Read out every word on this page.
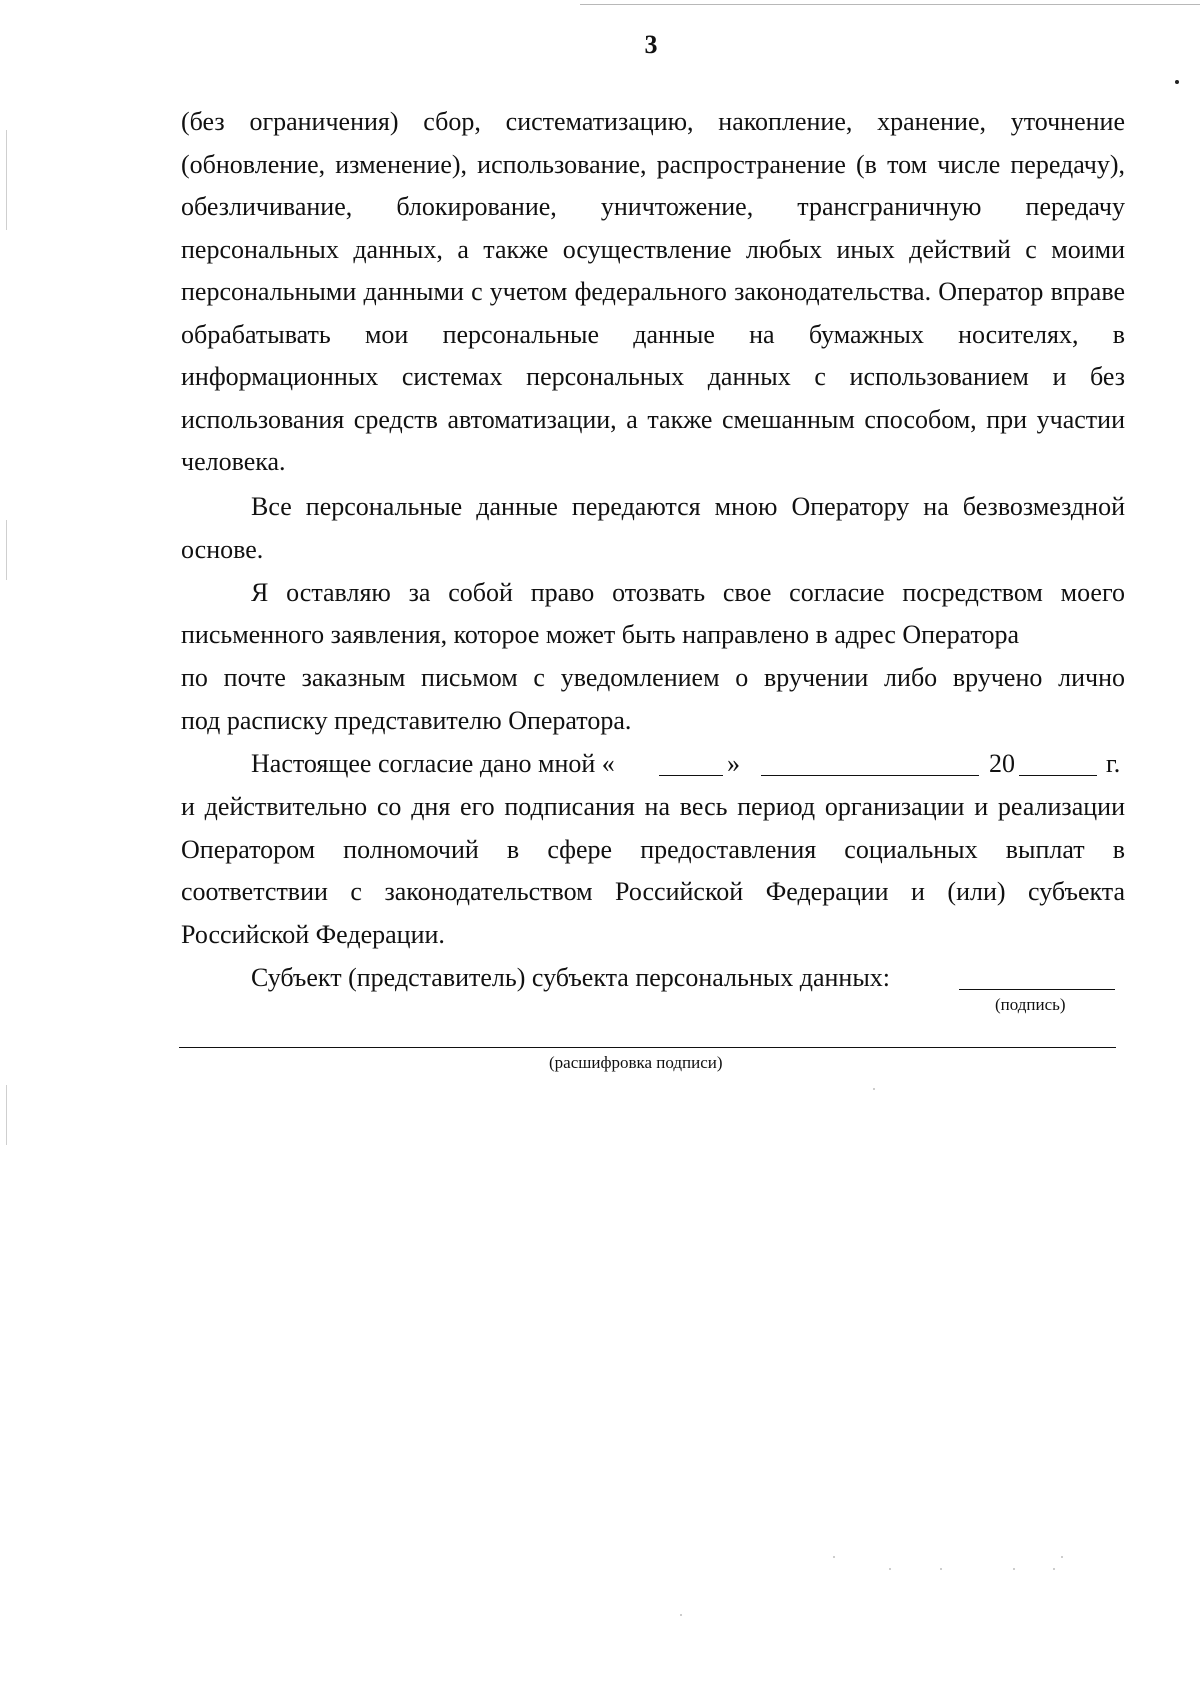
3
(без ограничения) сбор, систематизацию, накопление, хранение, уточнение (обновление, изменение), использование, распространение (в том числе передачу), обезличивание, блокирование, уничтожение, трансграничную передачу персональных данных, а также осуществление любых иных действий с моими персональными данными с учетом федерального законодательства. Оператор вправе обрабатывать мои персональные данные на бумажных носителях, в информационных системах персональных данных с использованием и без использования средств автоматизации, а также смешанным способом, при участии человека.
Все персональные данные передаются мною Оператору на безвозмездной основе.
Я оставляю за собой право отозвать свое согласие посредством моего
письменного заявления, которое может быть направлено в адрес Оператора
по почте заказным письмом с уведомлением о вручении либо вручено лично
под расписку представителю Оператора.
Настоящее согласие дано мной «	»	20	г.
и действительно со дня его подписания на весь период организации и реализации Оператором полномочий в сфере предоставления социальных выплат в соответствии с законодательством Российской Федерации и (или) субъекта Российской Федерации.
Субъект (представитель) субъекта персональных данных:
(подпись)
(расшифровка подписи)
